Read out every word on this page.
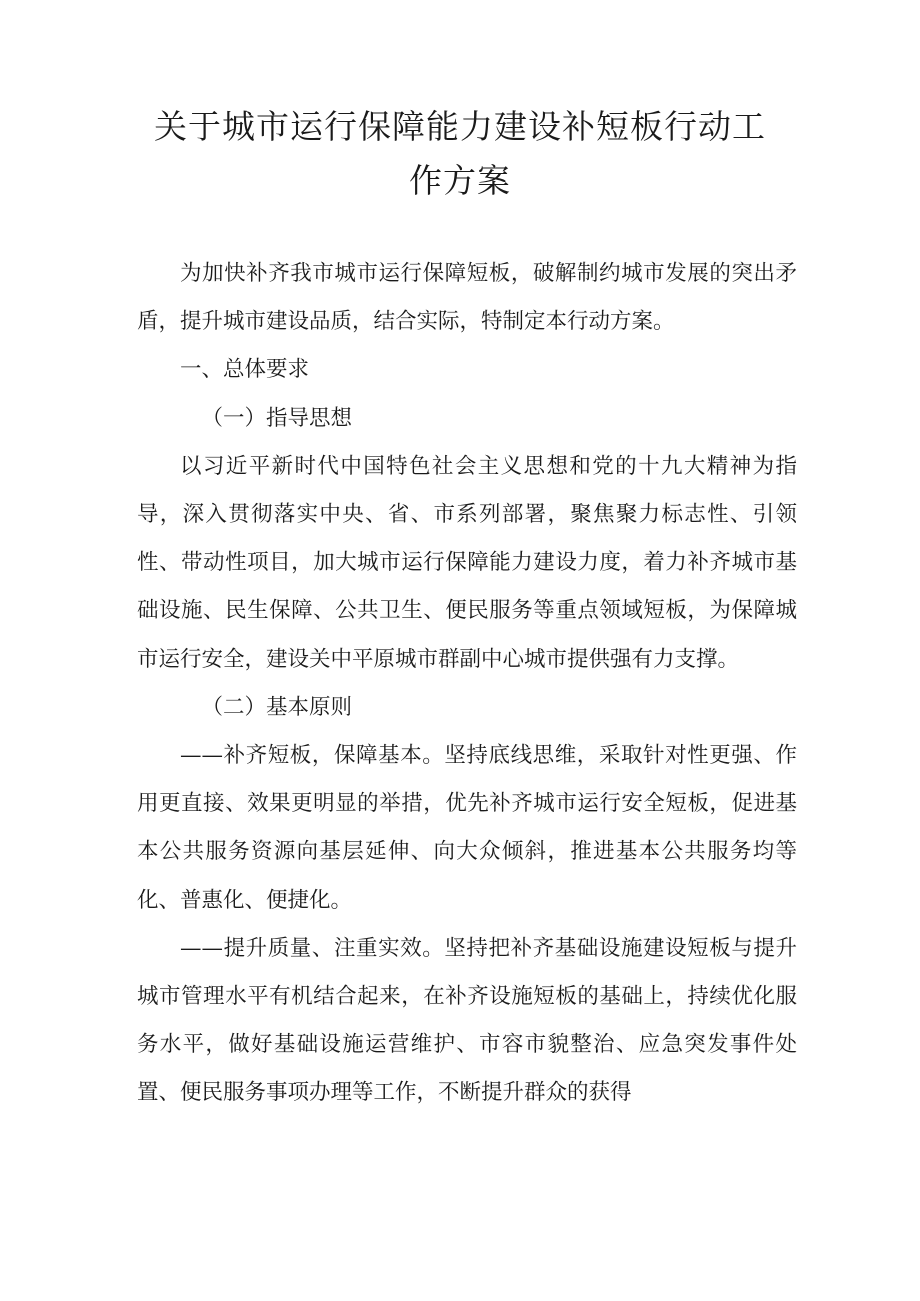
关于城市运行保障能力建设补短板行动工
作方案

为加快补齐我市城市运行保障短板，破解制约城市发展的突出矛盾，提升城市建设品质，结合实际，特制定本行动方案。

一、总体要求

（一）指导思想

以习近平新时代中国特色社会主义思想和党的十九大精神为指导，深入贯彻落实中央、省、市系列部署，聚焦聚力标志性、引领性、带动性项目，加大城市运行保障能力建设力度，着力补齐城市基础设施、民生保障、公共卫生、便民服务等重点领域短板，为保障城市运行安全，建设关中平原城市群副中心城市提供强有力支撑。

（二）基本原则

——补齐短板，保障基本。坚持底线思维，采取针对性更强、作用更直接、效果更明显的举措，优先补齐城市运行安全短板，促进基本公共服务资源向基层延伸、向大众倾斜，推进基本公共服务均等化、普惠化、便捷化。

——提升质量、注重实效。坚持把补齐基础设施建设短板与提升城市管理水平有机结合起来，在补齐设施短板的基础上，持续优化服务水平，做好基础设施运营维护、市容市貌整治、应急突发事件处置、便民服务事项办理等工作，不断提升群众的获得
